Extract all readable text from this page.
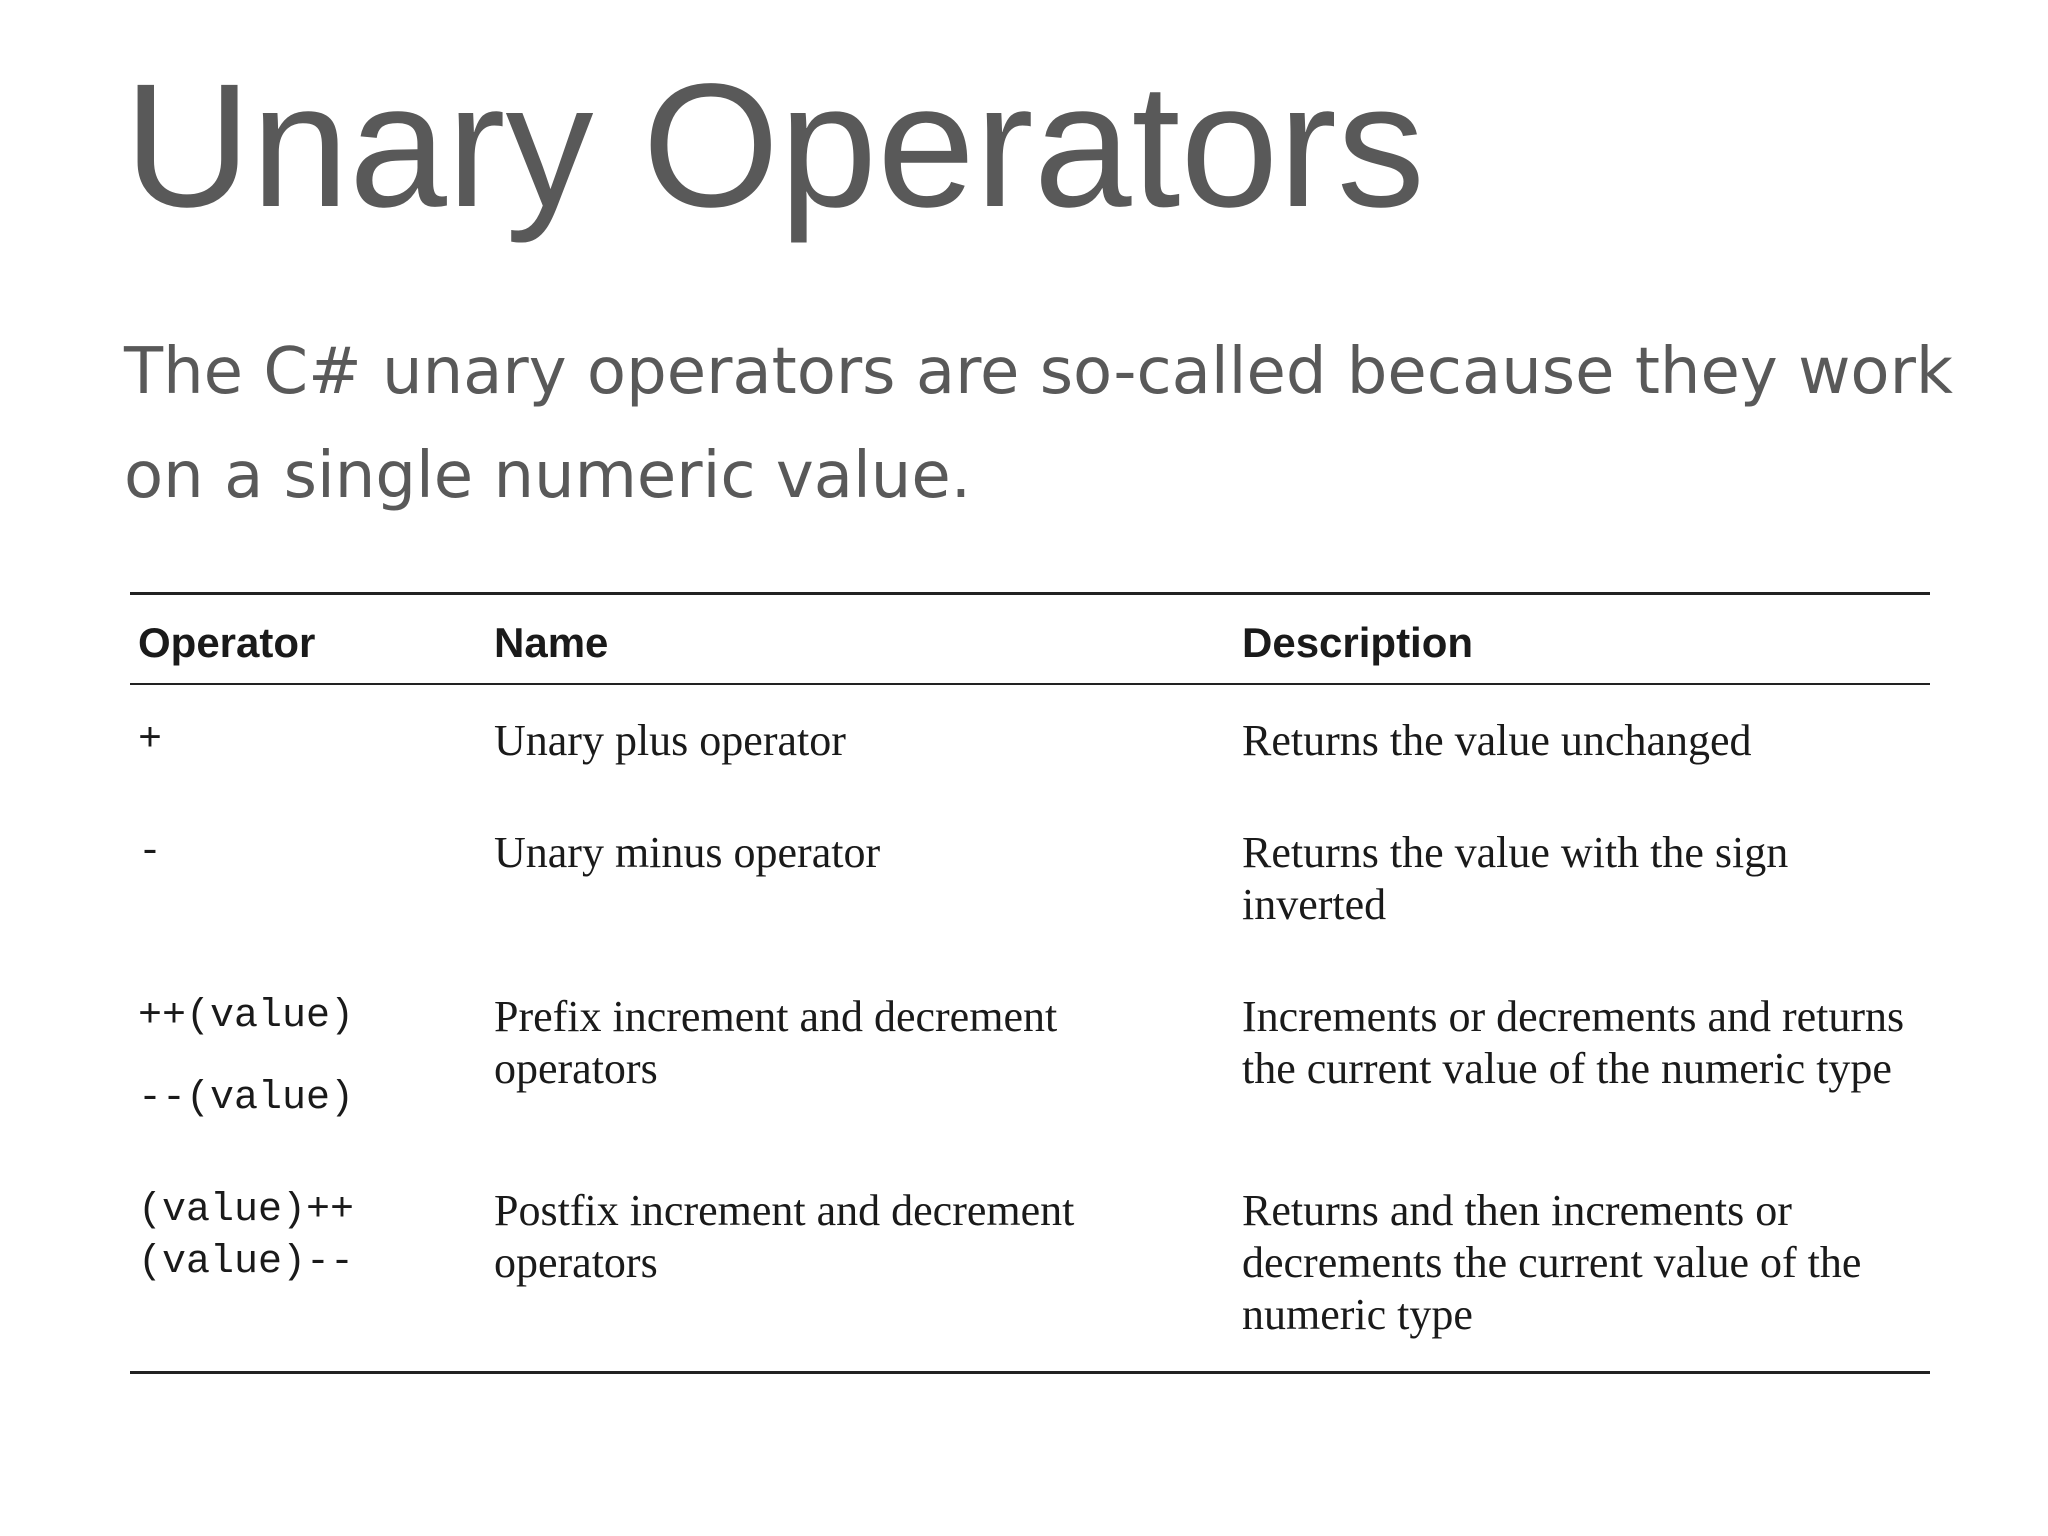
Unary Operators

The C# unary operators are so-called because they work on a single numeric value.

Operator	Name	Description

+	Unary plus operator	Returns the value unchanged

-	Unary minus operator	Returns the value with the sign inverted

++(value)
--(value)	Prefix increment and decrement operators	Increments or decrements and returns the current value of the numeric type

(value)++
(value)--	Postfix increment and decrement operators	Returns and then increments or decrements the current value of the numeric type
